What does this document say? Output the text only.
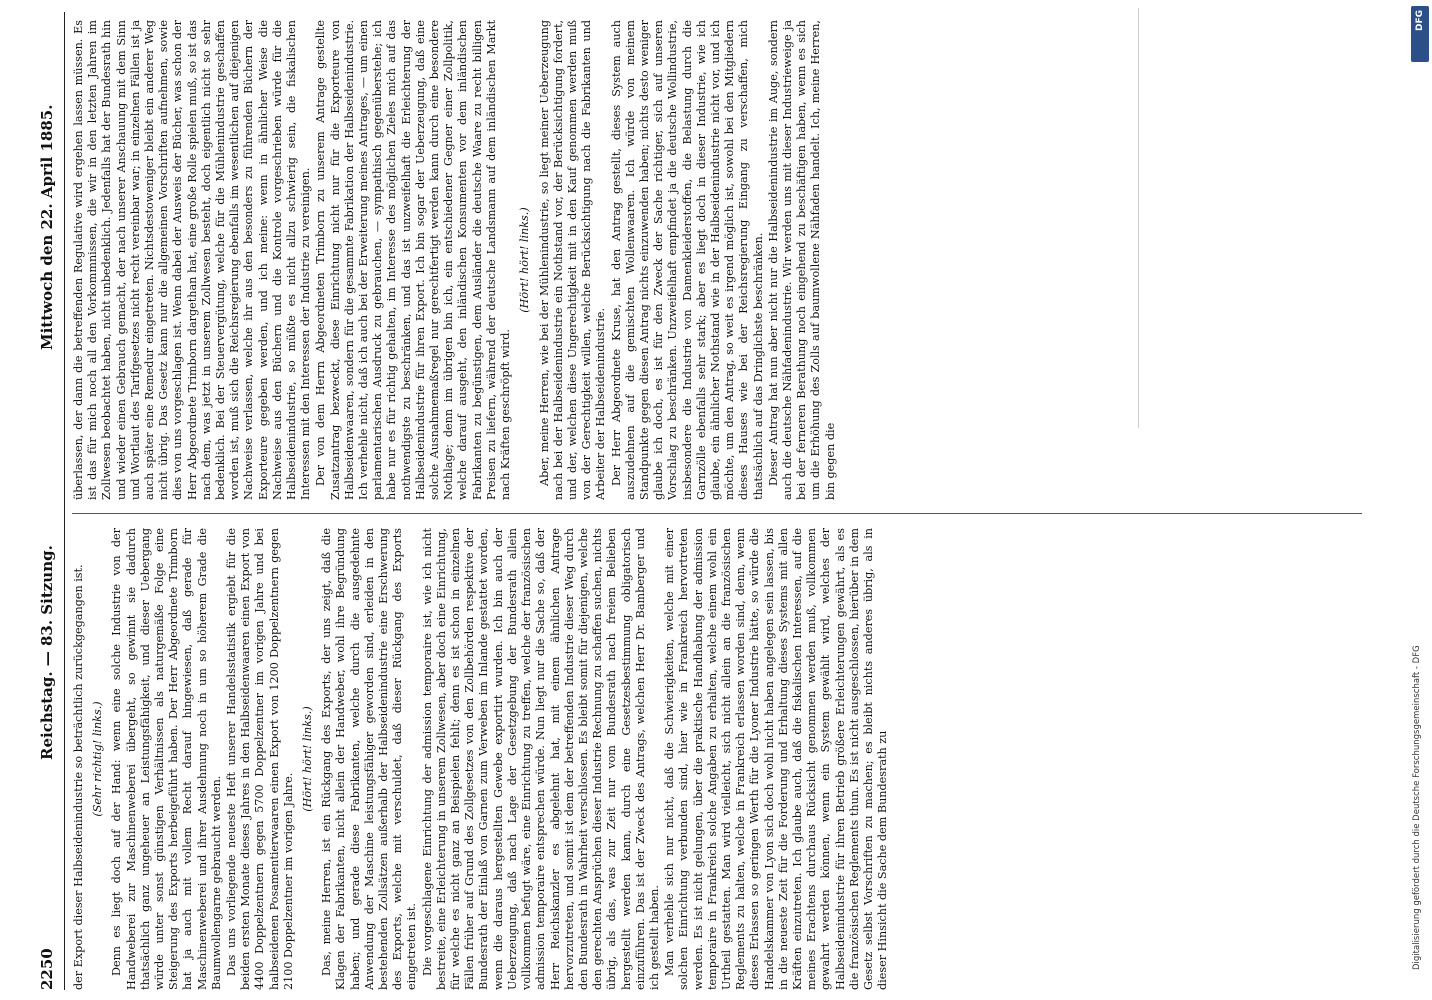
2250
Reichstag. — 83. Sitzung.
Mittwoch den 22. April 1885.

der Export dieser Halbseidenindustrie so beträchtlich zurückgegangen ist. (Sehr richtig! links.) Denn es liegt doch auf der Hand: wenn eine solche Industrie von der Handweberei zur Maschinenweberei übergeht, so gewinnt sie dadurch thatsächlich ganz ungeheuer an Leistungsfähigkeit, und dieser Uebergang würde unter sonst günstigen Verhältnissen als naturgemäße Folge eine Steigerung des Exports herbeigeführt haben. Der Herr Abgeordnete Trimborn hat ja auch mit vollem Recht darauf hingewiesen, daß gerade für Maschinenweberei und ihrer Ausdehnung noch in um so höherem Grade die Baumwollengarne gebraucht werden. Das uns vorliegende neueste Heft unserer Handelsstatistik ergiebt für die beiden ersten Monate dieses Jahres in den Halbseidenwaaren einen Export von 4400 Doppelzentnern gegen 5700 Doppelzentner im vorigen Jahre und bei halbseidenen Posamentierwaaren einen Export von 1200 Doppelzentnern gegen 2100 Doppelzentner im vorigen Jahre.

(Hört! hört! links.) Das, meine Herren, ist ein Rückgang des Exports, der uns zeigt, daß die Klagen der Fabrikanten, nicht allein der Handweber, wohl ihre Begründung haben; und gerade diese Fabrikanten, welche durch die ausgedehnte Anwendung der Maschine leistungsfähiger geworden sind, erleiden in den bestehenden Zollsätzen außerhalb der Halbseidenindustrie eine Erschwerung des Exports, welche mit verschuldet, daß dieser Rückgang des Exports eingetreten ist. Die vorgeschlagene Einrichtung der admission temporaire ist, wie ich nicht bestreite, eine Erleichterung in unserem Zollwesen, aber doch eine Einrichtung, für welche es nicht ganz an Beispielen fehlt; denn es ist schon in einzelnen Fällen früher auf Grund des Zollgesetzes von den Zollbehörden respektive der Bundesrath der Einlaß von Garnen zum Verweben im Inlande gestattet worden, wenn die daraus hergestellten Gewebe exportirt wurden. Ich bin auch der Ueberzeugung, daß nach Lage der Gesetzgebung der Bundesrath allein vollkommen befugt wäre, eine Einrichtung zu treffen, welche der französischen admission temporaire entsprechen würde. Nun liegt nur die Sache so, daß der Herr Reichskanzler es abgelehnt hat, mit einem ähnlichen Antrage hervorzutreten, und somit ist dem der betreffenden Industrie dieser Weg durch den Bundesrath in Wahrheit verschlossen. Es bleibt somit für diejenigen, welche den gerechten Ansprüchen dieser Industrie Rechnung zu schaffen suchen, nichts übrig, als das, was zur Zeit nur vom Bundesrath nach freiem Belieben hergestellt werden kann, durch eine Gesetzesbestimmung obligatorisch einzuführen. Das ist der Zweck des Antrags, welchen Herr Dr. Bamberger und ich gestellt haben. Man verhehle sich nur nicht, daß die Schwierigkeiten, welche mit einer solchen Einrichtung verbunden sind, hier wie in Frankreich hervortreten werden. Es ist nicht gelungen, über die praktische Handhabung der admission temporaire in Frankreich solche Angaben zu erhalten, welche einem wohl ein Urtheil gestatten. Man wird vielleicht, sich nicht allein an die französischen Reglements zu halten, welche in Frankreich erlassen worden sind, denn, wenn dieses Erlassen so geringen Werth für die Lyoner Industrie hätte, so würde die Handelskammer von Lyon sich doch wohl nicht haben angelegen sein lassen, bis in die neueste Zeit für die Forderung und Erhaltung dieses Systems mit allen Kräften einzutreten. Ich glaube auch, daß die fiskalischen Interessen, auf die meines Erachtens durchaus Rücksicht genommen werden muß, vollkommen gewahrt werden können, wenn ein System gewählt wird, welches der Halbseidenindustrie für ihren Betrieb größere Erleichterungen gewährt, als es die französischen Reglements thun. Es ist nicht ausgeschlossen, hierüber in dem Gesetz selbst Vorschriften zu machen; es bleibt nichts anderes übrig, als in dieser Hinsicht die Sache dem Bundesrath zu

überlassen, der dann die betreffenden Regulative wird ergehen lassen müssen. Es ist das für mich noch all den Vorkommnissen, die wir in den letzten Jahren im Zollwesen beobachtet haben, nicht unbedenklich. Jedenfalls hat der Bundesrath hin und wieder einen Gebrauch gemacht, der nach unserer Anschauung mit dem Sinn und Wortlaut des Tarifgesetzes nicht recht vereinbar war; in einzelnen Fällen ist ja auch später eine Remedur eingetreten. Nichtsdestoweniger bleibt ein anderer Weg nicht übrig. Das Gesetz kann nur die allgemeinen Vorschriften aufnehmen, sowie dies von uns vorgeschlagen ist. Wenn dabei der Ausweis der Bücher, was schon der Herr Abgeordnete Trimborn dargethan hat, eine große Rolle spielen muß, so ist das nach dem, was jetzt in unserem Zollwesen besteht, doch eigentlich nicht so sehr bedenklich. Bei der Steuervergütung, welche für die Mühlenindustrie geschaffen worden ist, muß sich die Reichsregierung ebenfalls im wesentlichen auf diejenigen Nachweise verlassen, welche ihr aus den besonders zu führenden Büchern der Exporteure gegeben werden, und ich meine: wenn in ähnlicher Weise die Nachweise aus den Büchern und die Kontrole vorgeschrieben würde für die Halbseidenindustrie, so müßte es nicht allzu schwierig sein, die fiskalischen Interessen mit den Interessen der Industrie zu vereinigen. Der von dem Herrn Abgeordneten Trimborn zu unserem Antrage gestellte Zusatzantrag bezweckt, diese Einrichtung nicht nur für die Exporteure von Halbseidenwaaren, sondern für die gesammte Fabrikation der Halbseidenindustrie. Ich verhehle nicht, daß ich auch bei der Erweiterung meines Antrages, — um einen parlamentarischen Ausdruck zu gebrauchen, — sympathisch gegenüberstehe; ich habe nur es für richtig gehalten, im Interesse des möglichen Zieles mich auf das nothwendigste zu beschränken, und das ist unzweifelhaft die Erleichterung der Halbseidenindustrie für ihren Export. Ich bin sogar der Ueberzeugung, daß eine solche Ausnahmemaßregel nur gerechtfertigt werden kann durch eine besondere Nothlage; denn im übrigen bin ich, ein entschiedener Gegner einer Zollpolitik, welche darauf ausgeht, den inländischen Konsumenten vor dem inländischen Fabrikanten zu begünstigen, dem Ausländer die deutsche Waare zu recht billigen Preisen zu liefern, während der deutsche Landsmann auf dem inländischen Markt nach Kräften geschröpft wird.

(Hört! hört! links.) Aber, meine Herren, wie bei der Mühlenindustrie, so liegt meiner Ueberzeugung nach bei der Halbseidenindustrie ein Nothstand vor, der Berücksichtigung fordert, und der, welchen diese Ungerechtigkeit mit in den Kauf genommen werden muß von der Gerechtigkeit willen, welche Berücksichtigung nach die Fabrikanten und Arbeiter der Halbseidenindustrie. Der Herr Abgeordnete Kruse, hat den Antrag gestellt, dieses System auch auszudehnen auf die gemischten Wollenwaaren. Ich würde von meinem Standpunkte gegen diesen Antrag nichts einzuwenden haben; nichts desto weniger glaube ich doch, es ist für den Zweck der Sache richtiger, sich auf unseren Vorschlag zu beschränken. Unzweifelhaft empfindet ja die deutsche Wollindustrie, insbesondere die Industrie von Damenkleiderstoffen, die Belastung durch die Garnzölle ebenfalls sehr stark; aber es liegt doch in dieser Industrie, wie ich glaube, ein ähnlicher Nothstand wie in der Halbseidenindustrie nicht vor, und ich möchte, um den Antrag, so weit es irgend möglich ist, sowohl bei den Mitgliedern dieses Hauses wie bei der Reichsregierung Eingang zu verschaffen, mich thatsächlich auf das Dringlichste beschränken. Dieser Antrag hat nun aber nicht nur die Halbseidenindustrie im Auge, sondern auch die deutsche Nähfadenindustrie. Wir werden uns mit dieser Industrieweige ja bei der ferneren Berathung noch eingehend zu beschäftigen haben, wenn es sich um die Erhöhung des Zolls auf baumwollene Nähfaden handelt. Ich, meine Herren, bin gegen die

DFG
Digitalisierung gefördert durch die Deutsche Forschungsgemeinschaft - DFG
